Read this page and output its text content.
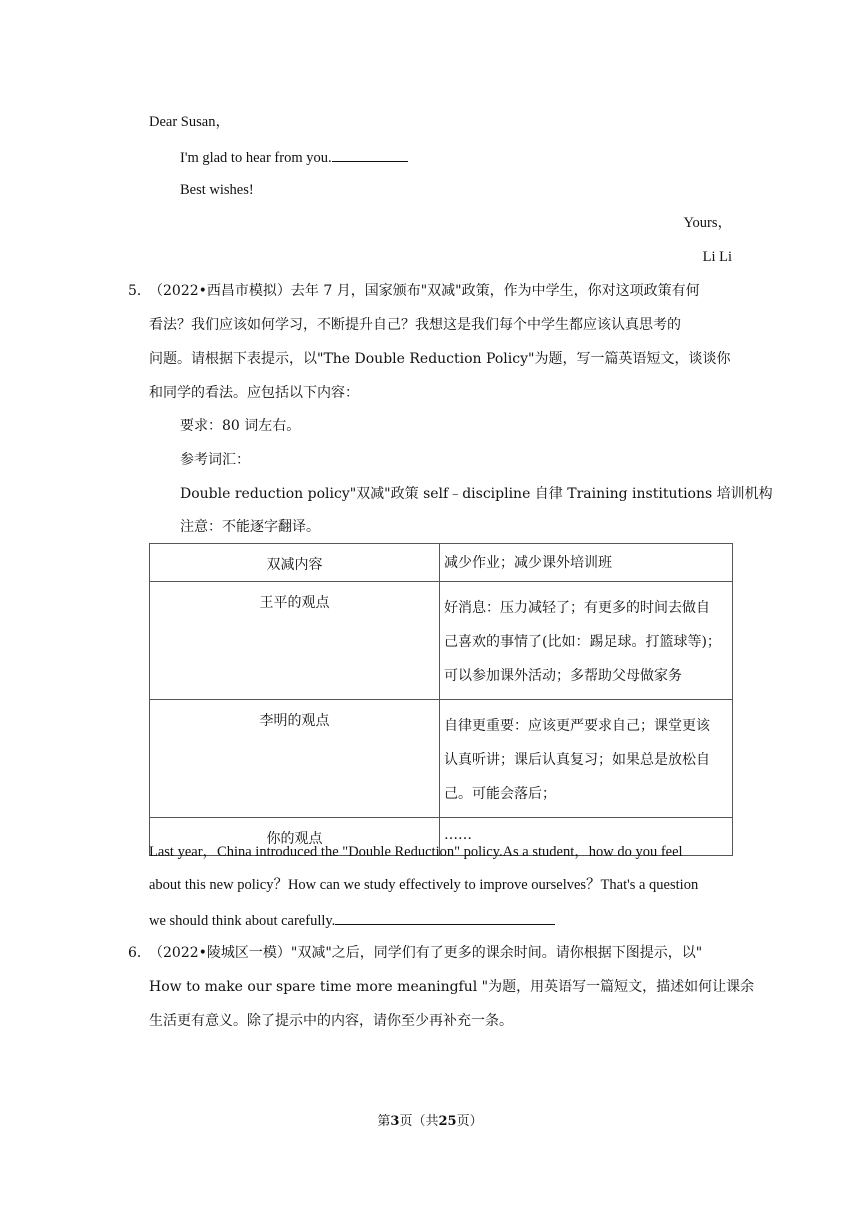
Dear Susan，
I'm glad to hear from you.
Best wishes!
Yours，
Li Li
5．
（2022•西昌市模拟）去年 7 月，国家颁布"双减"政策，作为中学生，你对这项政策有何
看法？我们应该如何学习，不断提升自己？我想这是我们每个中学生都应该认真思考的
问题。请根据下表提示，以"The Double Reduction Policy"为题，写一篇英语短文，谈谈你
和同学的看法。应包括以下内容：
要求：80 词左右。
参考词汇：
Double reduction policy"双减"政策 self﹣discipline 自律 Training institutions 培训机构
注意：不能逐字翻译。
双减内容	减少作业；减少课外培训班

王平的观点	好消息：压力减轻了；有更多的时间去做自
己喜欢的事情了(比如：踢足球。打篮球等)；
可以参加课外活动；多帮助父母做家务

李明的观点	自律更重要：应该更严要求自己；课堂更该
认真听讲；课后认真复习；如果总是放松自
己。可能会落后；

你的观点	……
Last year，China introduced the "Double Reduction" policy.As a student，how do you feel
about this new policy？How can we study effectively to improve ourselves？That's a question
we should think about carefully.
6．
（2022•陵城区一模）"双减"之后，同学们有了更多的课余时间。请你根据下图提示，以"
How to make our spare time more meaningful "为题，用英语写一篇短文，描述如何让课余
生活更有意义。除了提示中的内容，请你至少再补充一条。
第3页（共25页）
